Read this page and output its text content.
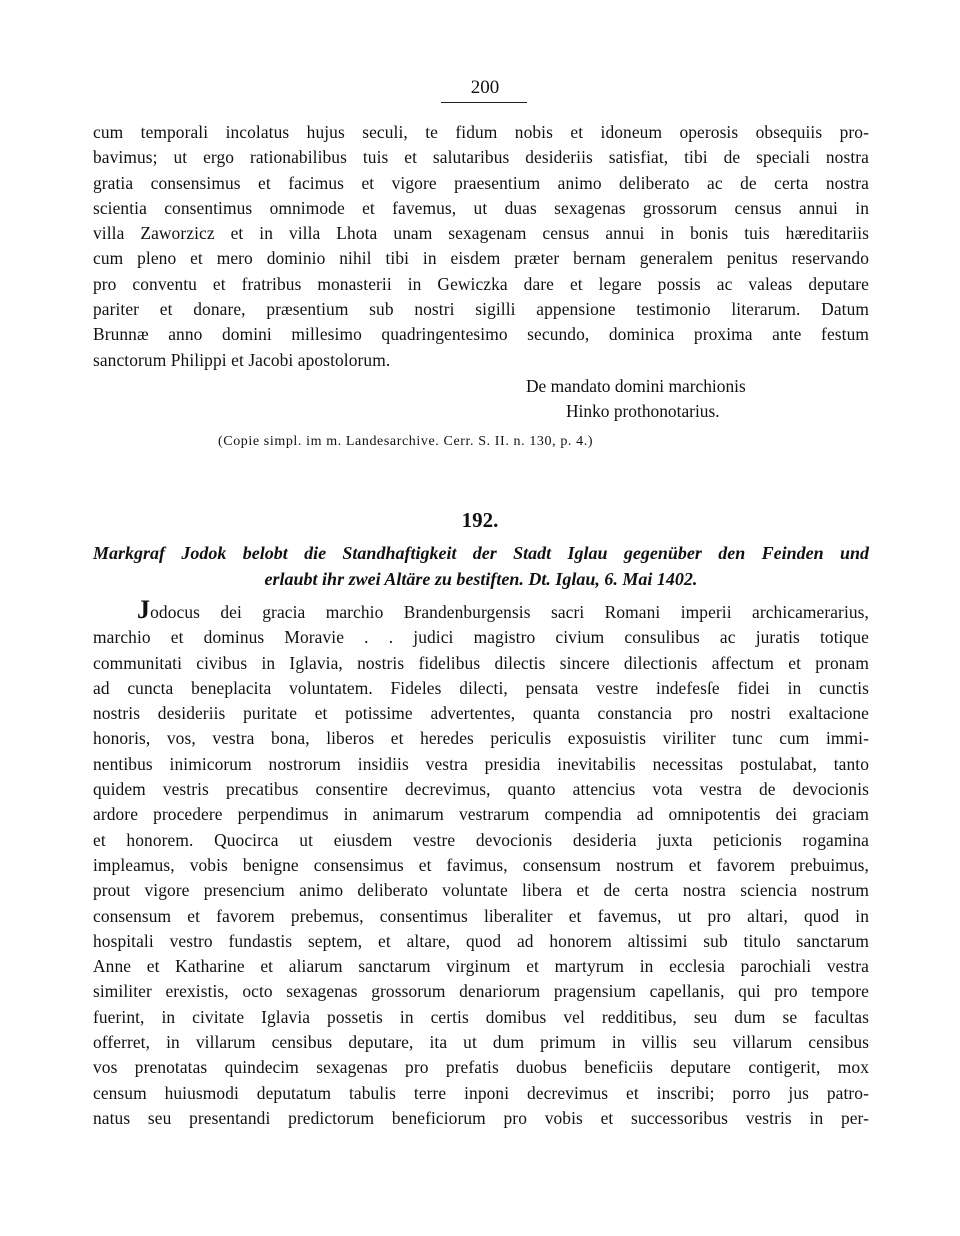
200
cum temporali incolatus hujus seculi, te fidum nobis et idoneum operosis obsequiis pro-
bavimus; ut ergo rationabilibus tuis et salutaribus desideriis satisfiat, tibi de speciali nostra
gratia consensimus et facimus et vigore praesentium animo deliberato ac de certa nostra
scientia consentimus omnimode et favemus, ut duas sexagenas grossorum census annui in
villa Zaworzicz et in villa Lhota unam sexagenam census annui in bonis tuis hæreditariis
cum pleno et mero dominio nihil tibi in eisdem præter bernam generalem penitus reservando
pro conventu et fratribus monasterii in Gewiczka dare et legare possis ac valeas deputare
pariter et donare, præsentium sub nostri sigilli appensione testimonio literarum. Datum
Brunnæ anno domini millesimo quadringentesimo secundo, dominica proxima ante festum
sanctorum Philippi et Jacobi apostolorum.
De mandato domini marchionis

Hinko prothonotarius.
(Copie simpl. im m. Landesarchive. Cerr. S. II. n. 130, p. 4.)
192.
Markgraf Jodok belobt die Standhaftigkeit der Stadt Iglau gegenüber den Feinden und
erlaubt ihr zwei Altäre zu bestiften. Dt. Iglau, 6. Mai 1402.
Jodocus dei gracia marchio Brandenburgensis sacri Romani imperii archicamerarius,
marchio et dominus Moravie . . judici magistro civium consulibus ac juratis totique
communitati civibus in Iglavia, nostris fidelibus dilectis sincere dilectionis affectum et pronam
ad cuncta beneplacita voluntatem. Fideles dilecti, pensata vestre indefesſe fidei in cunctis
nostris desideriis puritate et potissime advertentes, quanta constancia pro nostri exaltacione
honoris, vos, vestra bona, liberos et heredes periculis exposuistis viriliter tunc cum immi-
nentibus inimicorum nostrorum insidiis vestra presidia inevitabilis necessitas postulabat, tanto
quidem vestris precatibus consentire decrevimus, quanto attencius vota vestra de devocionis
ardore procedere perpendimus in animarum vestrarum compendia ad omnipotentis dei graciam
et honorem. Quocirca ut eiusdem vestre devocionis desideria juxta peticionis rogamina
impleamus, vobis benigne consensimus et favimus, consensum nostrum et favorem prebuimus,
prout vigore presencium animo deliberato voluntate libera et de certa nostra sciencia nostrum
consensum et favorem prebemus, consentimus liberaliter et favemus, ut pro altari, quod in
hospitali vestro fundastis septem, et altare, quod ad honorem altissimi sub titulo sanctarum
Anne et Katharine et aliarum sanctarum virginum et martyrum in ecclesia parochiali vestra
similiter erexistis, octo sexagenas grossorum denariorum pragensium capellanis, qui pro tempore
fuerint, in civitate Iglavia possetis in certis domibus vel redditibus, seu dum se facultas
offerret, in villarum censibus deputare, ita ut dum primum in villis seu villarum censibus
vos prenotatas quindecim sexagenas pro prefatis duobus beneficiis deputare contigerit, mox
censum huiusmodi deputatum tabulis terre inponi decrevimus et inscribi; porro jus patro-
natus seu presentandi predictorum beneficiorum pro vobis et successoribus vestris in per-
